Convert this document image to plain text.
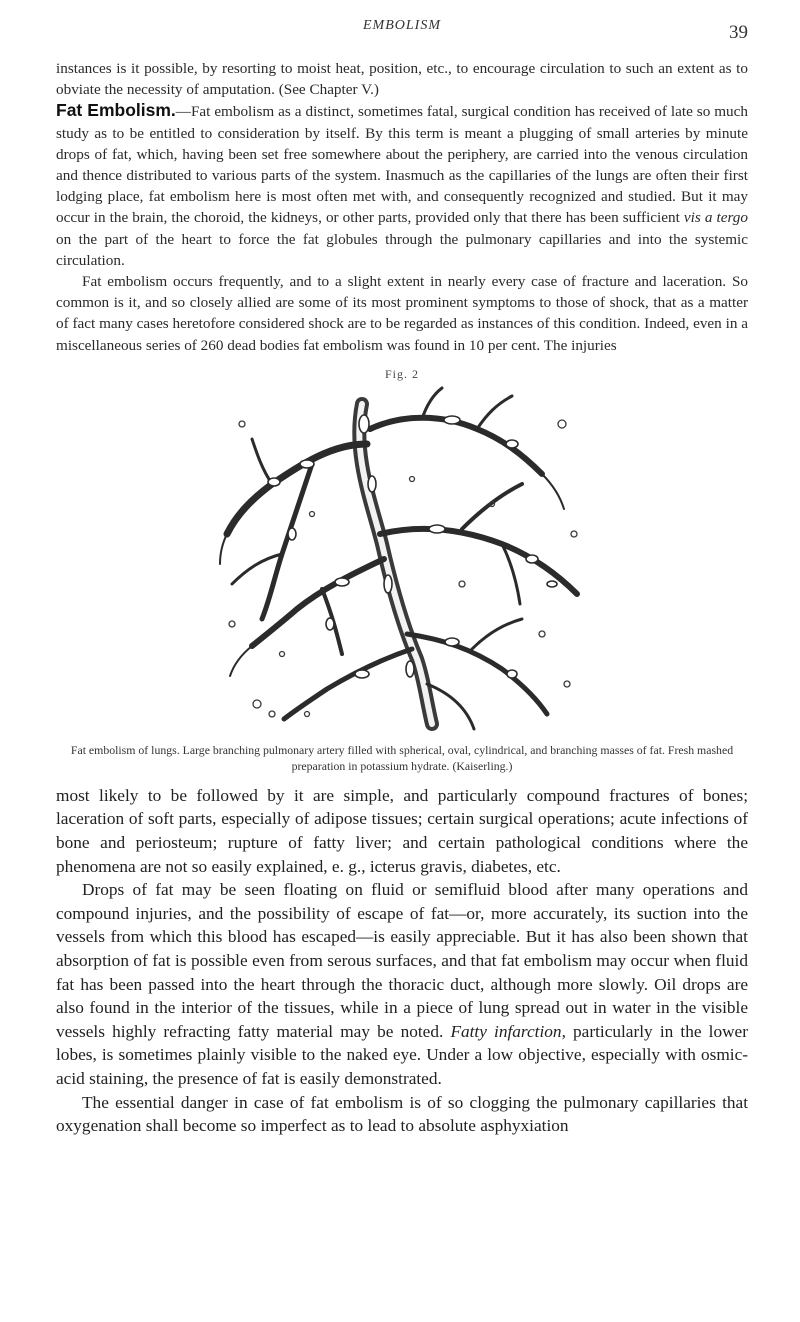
EMBOLISM	39

instances is it possible, by resorting to moist heat, position, etc., to encourage circulation to such an extent as to obviate the necessity of amputation. (See Chapter V.)

Fat Embolism.—Fat embolism as a distinct, sometimes fatal, surgical condition has received of late so much study as to be entitled to consideration by itself. By this term is meant a plugging of small arteries by minute drops of fat, which, having been set free somewhere about the periphery, are carried into the venous circulation and thence distributed to various parts of the system. Inasmuch as the capillaries of the lungs are often their first lodging place, fat embolism here is most often met with, and consequently recognized and studied. But it may occur in the brain, the choroid, the kidneys, or other parts, provided only that there has been sufficient vis a tergo on the part of the heart to force the fat globules through the pulmonary capillaries and into the systemic circulation.

Fat embolism occurs frequently, and to a slight extent in nearly every case of fracture and laceration. So common is it, and so closely allied are some of its most prominent symptoms to those of shock, that as a matter of fact many cases heretofore considered shock are to be regarded as instances of this condition. Indeed, even in a miscellaneous series of 260 dead bodies fat embolism was found in 10 per cent. The injuries

Fig. 2
Fat embolism of lungs. Large branching pulmonary artery filled with spherical, oval, cylindrical, and branching masses of fat. Fresh mashed preparation in potassium hydrate. (Kaiserling.)

most likely to be followed by it are simple, and particularly compound fractures of bones; laceration of soft parts, especially of adipose tissues; certain surgical operations; acute infections of bone and periosteum; rupture of fatty liver; and certain pathological conditions where the phenomena are not so easily explained, e. g., icterus gravis, diabetes, etc.

Drops of fat may be seen floating on fluid or semifluid blood after many operations and compound injuries, and the possibility of escape of fat—or, more accurately, its suction into the vessels from which this blood has escaped—is easily appreciable. But it has also been shown that absorption of fat is possible even from serous surfaces, and that fat embolism may occur when fluid fat has been passed into the heart through the thoracic duct, although more slowly. Oil drops are also found in the interior of the tissues, while in a piece of lung spread out in water in the visible vessels highly refracting fatty material may be noted. Fatty infarction, particularly in the lower lobes, is sometimes plainly visible to the naked eye. Under a low objective, especially with osmic-acid staining, the presence of fat is easily demonstrated.

The essential danger in case of fat embolism is of so clogging the pulmonary capillaries that oxygenation shall become so imperfect as to lead to absolute asphyxiation
